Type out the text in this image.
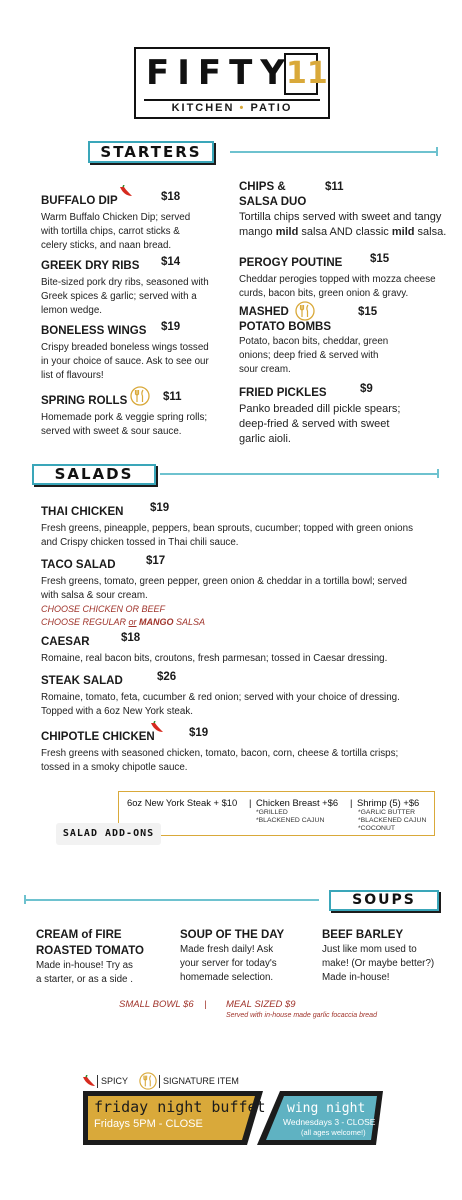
FIFTY
11
KITCHEN • PATIO
STARTERS
BUFFALO DIP	$18
Warm Buffalo Chicken Dip; served
with tortilla chips, carrot sticks &
celery sticks, and naan bread.
GREEK DRY RIBS $14
Bite-sized pork dry ribs, seasoned with
Greek spices & garlic; served with a
lemon wedge.
BONELESS WINGS $19
Crispy breaded boneless wings tossed
in your choice of sauce. Ask to see our
list of flavours!
SPRING ROLLS	$11
Homemade pork & veggie spring rolls;
served with sweet & sour sauce.
CHIPS &
SALSA DUO
$11
Tortilla chips served with sweet and tangy
mango mild salsa AND classic mild salsa.
PEROGY POUTINE $15
Cheddar perogies topped with mozza cheese
curds, bacon bits, green onion & gravy.
MASHED	$15
POTATO BOMBS
Potato, bacon bits, cheddar, green
onions; deep fried & served with
sour cream.
FRIED PICKLES	$9
Panko breaded dill pickle spears;
deep-fried & served with sweet
garlic aioli.
SALADS
THAI CHICKEN $19
Fresh greens, pineapple, peppers, bean sprouts, cucumber; topped with green onions
and Crispy chicken tossed in Thai chili sauce.
TACO SALAD	$17
Fresh greens, tomato, green pepper, green onion & cheddar in a tortilla bowl; served
with salsa & sour cream.
CHOOSE CHICKEN OR BEEF
CHOOSE REGULAR or MANGO SALSA
CAESAR	$18
Romaine, real bacon bits, croutons, fresh parmesan; tossed in Caesar dressing.
STEAK SALAD	$26
Romaine, tomato, feta, cucumber & red onion; served with your choice of dressing.
Topped with a 6oz New York steak.
CHIPOTLE CHICKEN	$19
Fresh greens with seasoned chicken, tomato, bacon, corn, cheese & tortilla crisps;
tossed in a smoky chipotle sauce.
6oz New York Steak + $10 | Chicken Breast +$6
*GRILLED
*BLACKENED CAJUN
| Shrimp (5) +$6
*GARLIC BUTTER
*BLACKENED CAJUN
*COCONUT
SALAD ADD-ONS
SOUPS
CREAM of FIRE
ROASTED TOMATO
Made in-house! Try as
a starter, or as a side .
SOUP OF THE DAY
Made fresh daily! Ask
your server for today's
homemade selection.
BEEF BARLEY
Just like mom used to
make! (Or maybe better?)
Made in-house!
SMALL BOWL $6 | MEAL SIZED $9
Served with in-house made garlic focaccia bread
SPICY	SIGNATURE ITEM
friday night buffet
Fridays 5PM - CLOSE
wing night
Wednesdays 3 - CLOSE
(all ages welcome!)
